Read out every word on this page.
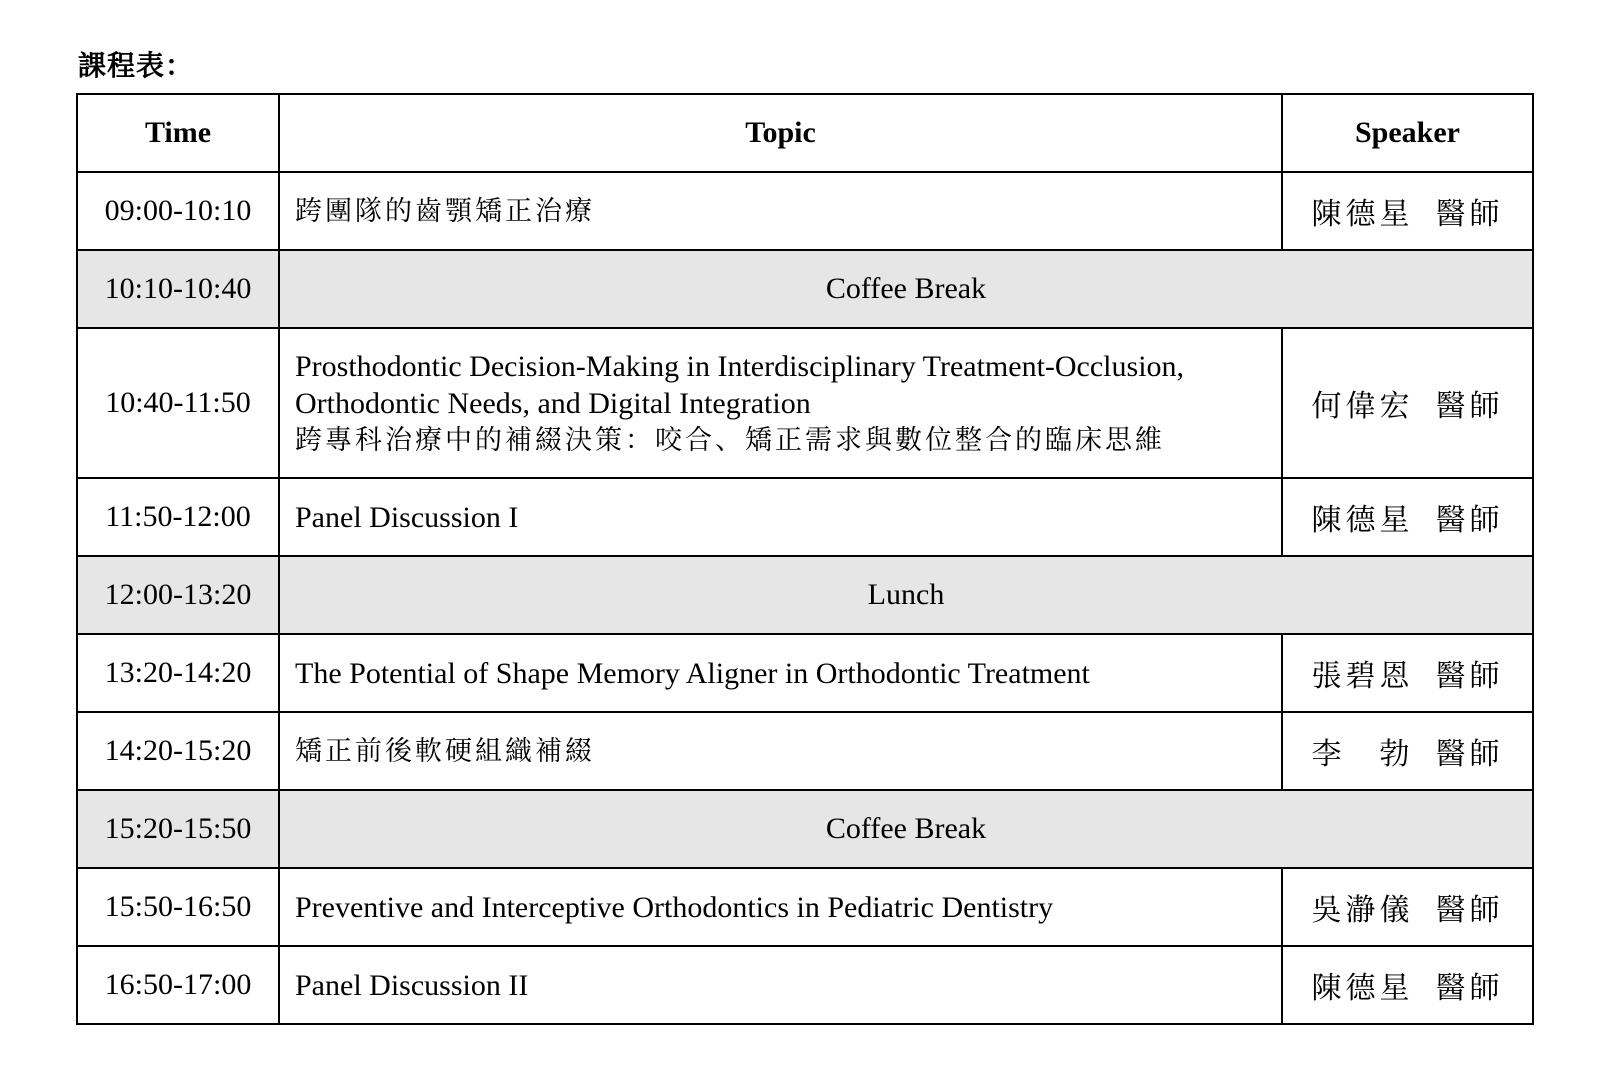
課程表：
Time	Topic	Speaker
09:00-10:10	跨團隊的齒顎矯正治療	陳德星 醫師
10:10-10:40	Coffee Break	
10:40-11:50	Prosthodontic Decision-Making in Interdisciplinary Treatment-Occlusion,
Orthodontic Needs, and Digital Integration
跨專科治療中的補綴決策：咬合、矯正需求與數位整合的臨床思維	何偉宏 醫師
11:50-12:00	Panel Discussion I	陳德星 醫師
12:00-13:20	Lunch	
13:20-14:20	The Potential of Shape Memory Aligner in Orthodontic Treatment	張碧恩 醫師
14:20-15:20	矯正前後軟硬組織補綴	李　勃 醫師
15:20-15:50	Coffee Break	
15:50-16:50	Preventive and Interceptive Orthodontics in Pediatric Dentistry	吳瀞儀 醫師
16:50-17:00	Panel Discussion II	陳德星 醫師
